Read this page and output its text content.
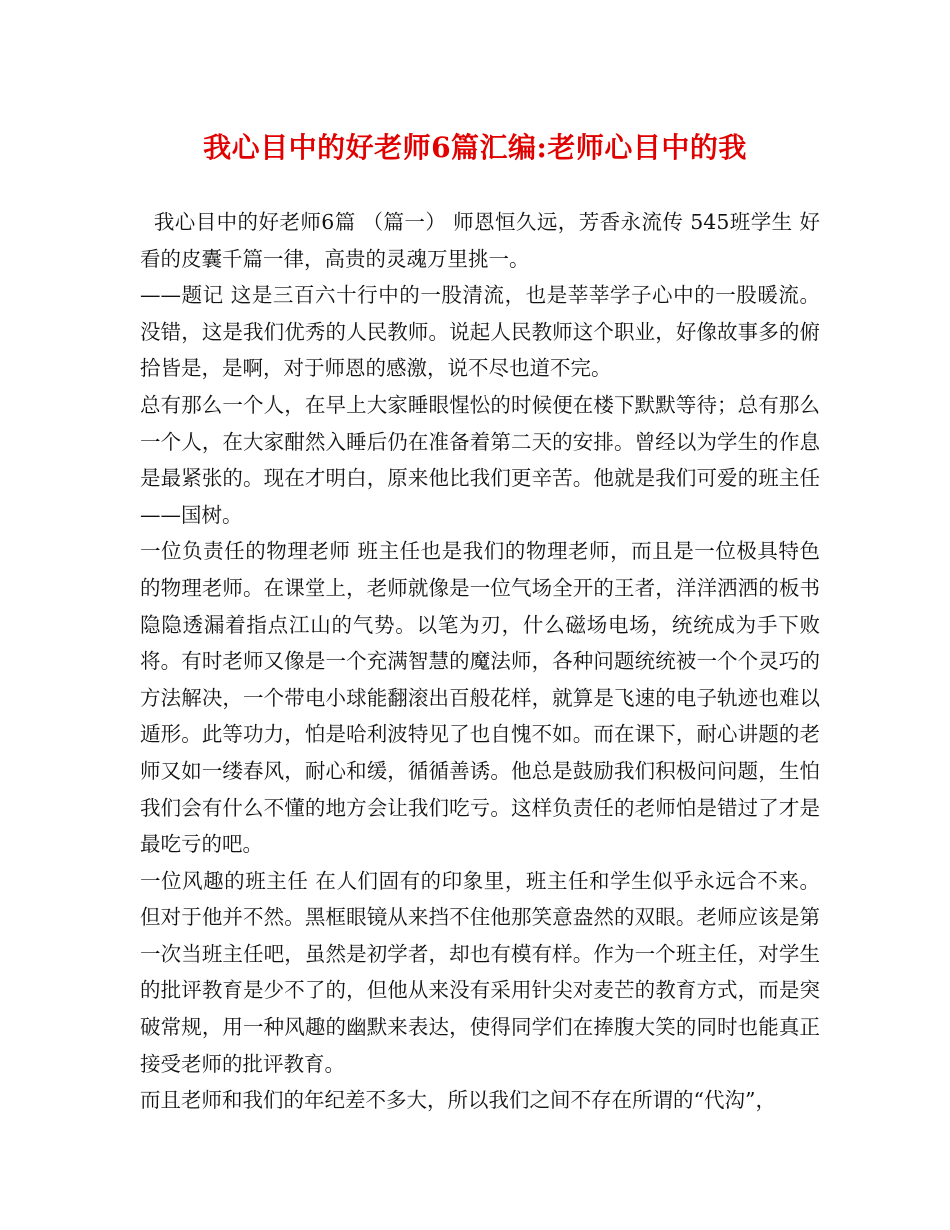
我心目中的好老师6篇汇编:老师心目中的我

我心目中的好老师6篇 （篇一） 师恩恒久远，芳香永流传 545班学生 好看的皮囊千篇一律，高贵的灵魂万里挑一。

——题记 这是三百六十行中的一股清流，也是莘莘学子心中的一股暖流。没错，这是我们优秀的人民教师。说起人民教师这个职业，好像故事多的俯拾皆是，是啊，对于师恩的感激，说不尽也道不完。

总有那么一个人，在早上大家睡眼惺忪的时候便在楼下默默等待；总有那么一个人，在大家酣然入睡后仍在准备着第二天的安排。曾经以为学生的作息是最紧张的。现在才明白，原来他比我们更辛苦。他就是我们可爱的班主任——国树。

一位负责任的物理老师 班主任也是我们的物理老师，而且是一位极具特色的物理老师。在课堂上，老师就像是一位气场全开的王者，洋洋洒洒的板书隐隐透漏着指点江山的气势。以笔为刃，什么磁场电场，统统成为手下败将。有时老师又像是一个充满智慧的魔法师，各种问题统统被一个个灵巧的方法解决，一个带电小球能翻滚出百般花样，就算是飞速的电子轨迹也难以遁形。此等功力，怕是哈利波特见了也自愧不如。而在课下，耐心讲题的老师又如一缕春风，耐心和缓，循循善诱。他总是鼓励我们积极问问题，生怕我们会有什么不懂的地方会让我们吃亏。这样负责任的老师怕是错过了才是最吃亏的吧。

一位风趣的班主任 在人们固有的印象里，班主任和学生似乎永远合不来。但对于他并不然。黑框眼镜从来挡不住他那笑意盎然的双眼。老师应该是第一次当班主任吧，虽然是初学者，却也有模有样。作为一个班主任，对学生的批评教育是少不了的，但他从来没有采用针尖对麦芒的教育方式，而是突破常规，用一种风趣的幽默来表达，使得同学们在捧腹大笑的同时也能真正接受老师的批评教育。

而且老师和我们的年纪差不多大，所以我们之间不存在所谓的“代沟”，
